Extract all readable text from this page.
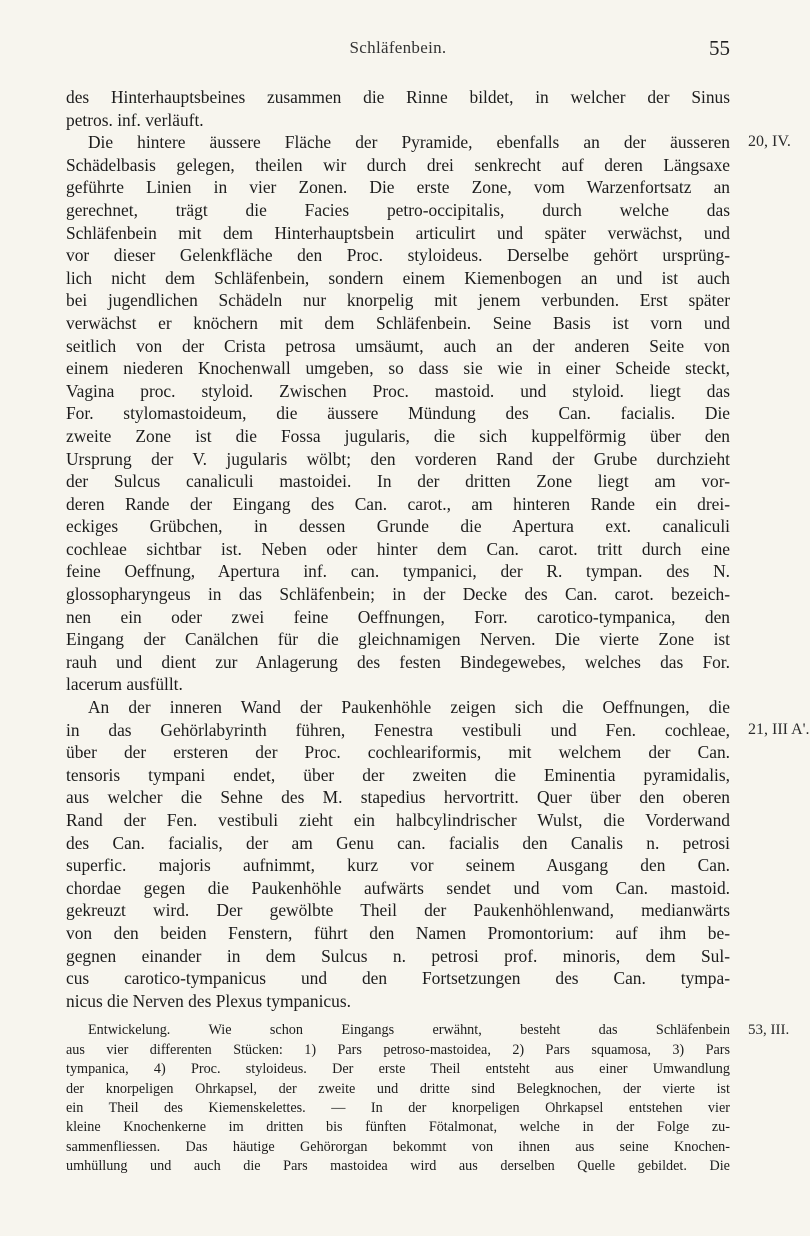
Schläfenbein.	55
des Hinterhauptsbeines zusammen die Rinne bildet, in welcher der Sinus
petros. inf. verläuft.
Die hintere äussere Fläche der Pyramide, ebenfalls an der äusseren 20, IV.
Schädelbasis gelegen, theilen wir durch drei senkrecht auf deren Längsaxe
geführte Linien in vier Zonen. Die erste Zone, vom Warzenfortsatz an
gerechnet, trägt die Facies petro-occipitalis, durch welche das
Schläfenbein mit dem Hinterhauptsbein articulirt und später verwächst, und
vor dieser Gelenkfläche den Proc. styloideus. Derselbe gehört ursprüng-
lich nicht dem Schläfenbein, sondern einem Kiemenbogen an und ist auch
bei jugendlichen Schädeln nur knorpelig mit jenem verbunden. Erst später
verwächst er knöchern mit dem Schläfenbein. Seine Basis ist vorn und
seitlich von der Crista petrosa umsäumt, auch an der anderen Seite von
einem niederen Knochenwall umgeben, so dass sie wie in einer Scheide steckt,
Vagina proc. styloid. Zwischen Proc. mastoid. und styloid. liegt das
For. stylomastoideum, die äussere Mündung des Can. facialis. Die
zweite Zone ist die Fossa jugularis, die sich kuppelförmig über den
Ursprung der V. jugularis wölbt; den vorderen Rand der Grube durchzieht
der Sulcus canaliculi mastoidei. In der dritten Zone liegt am vor-
deren Rande der Eingang des Can. carot., am hinteren Rande ein drei-
eckiges Grübchen, in dessen Grunde die Apertura ext. canaliculi
cochleae sichtbar ist. Neben oder hinter dem Can. carot. tritt durch eine
feine Oeffnung, Apertura inf. can. tympanici, der R. tympan. des N.
glossopharyngeus in das Schläfenbein; in der Decke des Can. carot. bezeich-
nen ein oder zwei feine Oeffnungen, Forr. carotico-tympanica, den
Eingang der Canälchen für die gleichnamigen Nerven. Die vierte Zone ist
rauh und dient zur Anlagerung des festen Bindegewebes, welches das For.
lacerum ausfüllt.
An der inneren Wand der Paukenhöhle zeigen sich die Oeffnungen, die
in das Gehörlabyrinth führen, Fenestra vestibuli und Fen. cochleae, 21, III A'.
über der ersteren der Proc. cochleariformis, mit welchem der Can.
tensoris tympani endet, über der zweiten die Eminentia pyramidalis,
aus welcher die Sehne des M. stapedius hervortritt. Quer über den oberen
Rand der Fen. vestibuli zieht ein halbcylindrischer Wulst, die Vorderwand
des Can. facialis, der am Genu can. facialis den Canalis n. petrosi
superfic. majoris aufnimmt, kurz vor seinem Ausgang den Can.
chordae gegen die Paukenhöhle aufwärts sendet und vom Can. mastoid.
gekreuzt wird. Der gewölbte Theil der Paukenhöhlenwand, medianwärts
von den beiden Fenstern, führt den Namen Promontorium: auf ihm be-
gegnen einander in dem Sulcus n. petrosi prof. minoris, dem Sul-
cus carotico-tympanicus und den Fortsetzungen des Can. tympa-
nicus die Nerven des Plexus tympanicus.
Entwickelung. Wie schon Eingangs erwähnt, besteht das Schläfenbein 53, III.
aus vier differenten Stücken: 1) Pars petroso-mastoidea, 2) Pars squamosa, 3) Pars
tympanica, 4) Proc. styloideus. Der erste Theil entsteht aus einer Umwandlung
der knorpeligen Ohrkapsel, der zweite und dritte sind Belegknochen, der vierte ist
ein Theil des Kiemenskelettes. — In der knorpeligen Ohrkapsel entstehen vier
kleine Knochenkerne im dritten bis fünften Fötalmonat, welche in der Folge zu-
sammenfliessen. Das häutige Gehörorgan bekommt von ihnen aus seine Knochen-
umhüllung und auch die Pars mastoidea wird aus derselben Quelle gebildet. Die
